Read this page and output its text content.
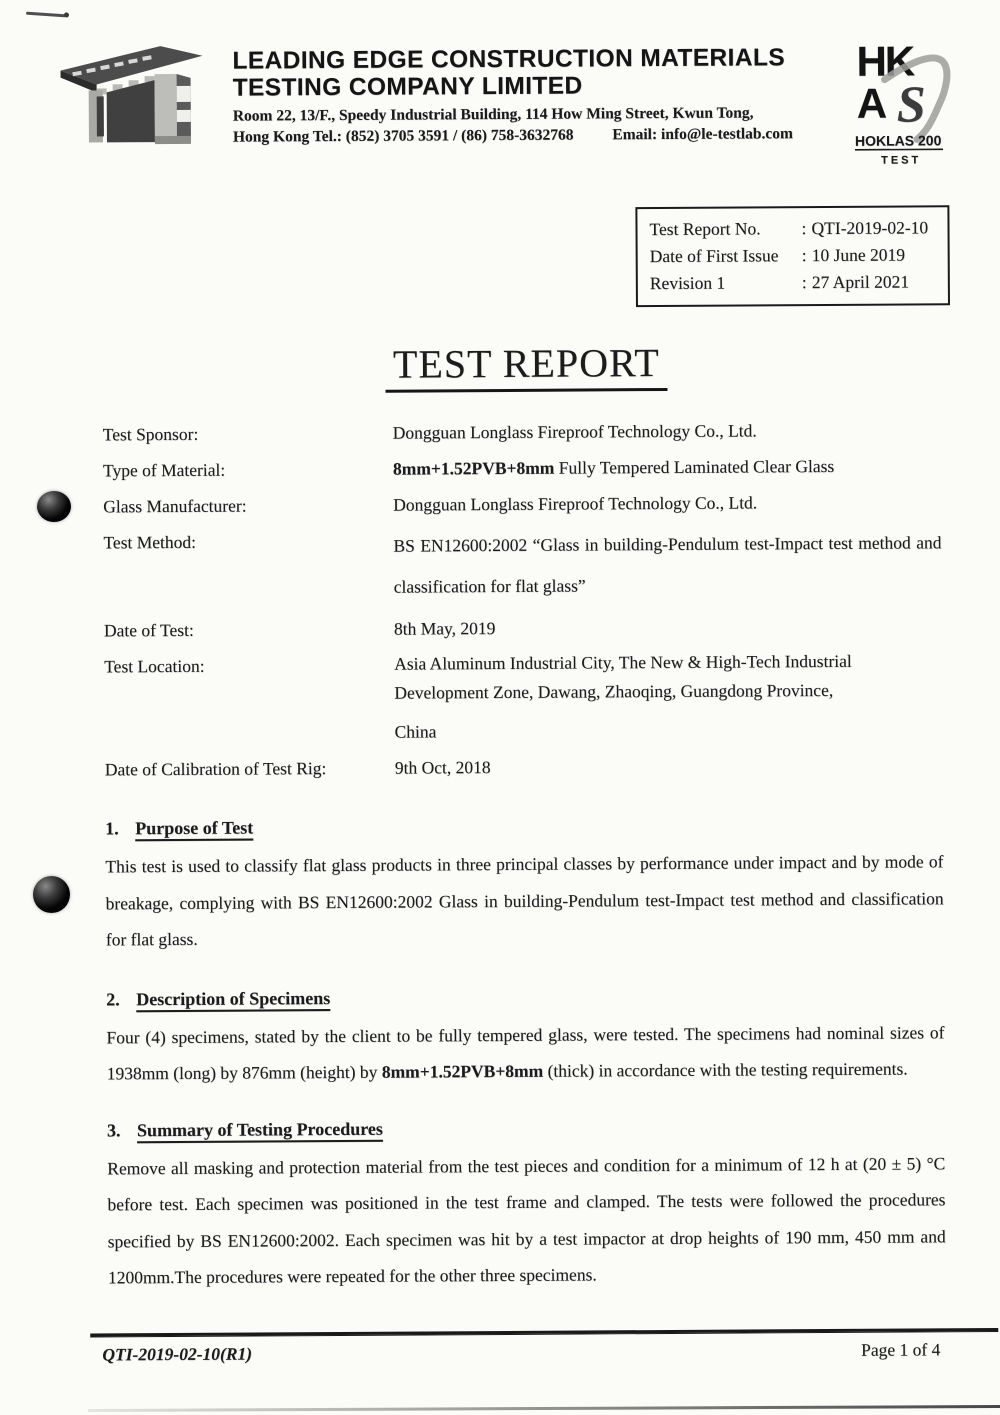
LEADING EDGE CONSTRUCTION MATERIALS
TESTING COMPANY LIMITED
Room 22, 13/F., Speedy Industrial Building, 114 How Ming Street, Kwun Tong,
Hong Kong Tel.: (852) 3705 3591 / (86) 758-3632768 Email: info@le-testlab.com
HK
A S
HOKLAS 200
TEST
Test Report No.	: QTI-2019-02-10
Date of First Issue	: 10 June 2019
Revision 1	: 27 April 2021
TEST REPORT
Test Sponsor:	Dongguan Longlass Fireproof Technology Co., Ltd.
Type of Material:	8mm+1.52PVB+8mm Fully Tempered Laminated Clear Glass
Glass Manufacturer:	Dongguan Longlass Fireproof Technology Co., Ltd.
Test Method:	BS EN12600:2002 “Glass in building-Pendulum test-Impact test method and classification for flat glass”
Date of Test:	8th May, 2019
Test Location:	Asia Aluminum Industrial City, The New & High-Tech Industrial Development Zone, Dawang, Zhaoqing, Guangdong Province,
China
Date of Calibration of Test Rig:	9th Oct, 2018
1. Purpose of Test

This test is used to classify flat glass products in three principal classes by performance under impact and by mode of breakage, complying with BS EN12600:2002 Glass in building-Pendulum test-Impact test method and classification for flat glass.

2. Description of Specimens

Four (4) specimens, stated by the client to be fully tempered glass, were tested. The specimens had nominal sizes of 1938mm (long) by 876mm (height) by 8mm+1.52PVB+8mm (thick) in accordance with the testing requirements.

3. Summary of Testing Procedures

Remove all masking and protection material from the test pieces and condition for a minimum of 12 h at (20 ± 5) °C before test. Each specimen was positioned in the test frame and clamped. The tests were followed the procedures specified by BS EN12600:2002. Each specimen was hit by a test impactor at drop heights of 190 mm, 450 mm and 1200mm.The procedures were repeated for the other three specimens.

QTI-2019-02-10(R1)	Page 1 of 4
